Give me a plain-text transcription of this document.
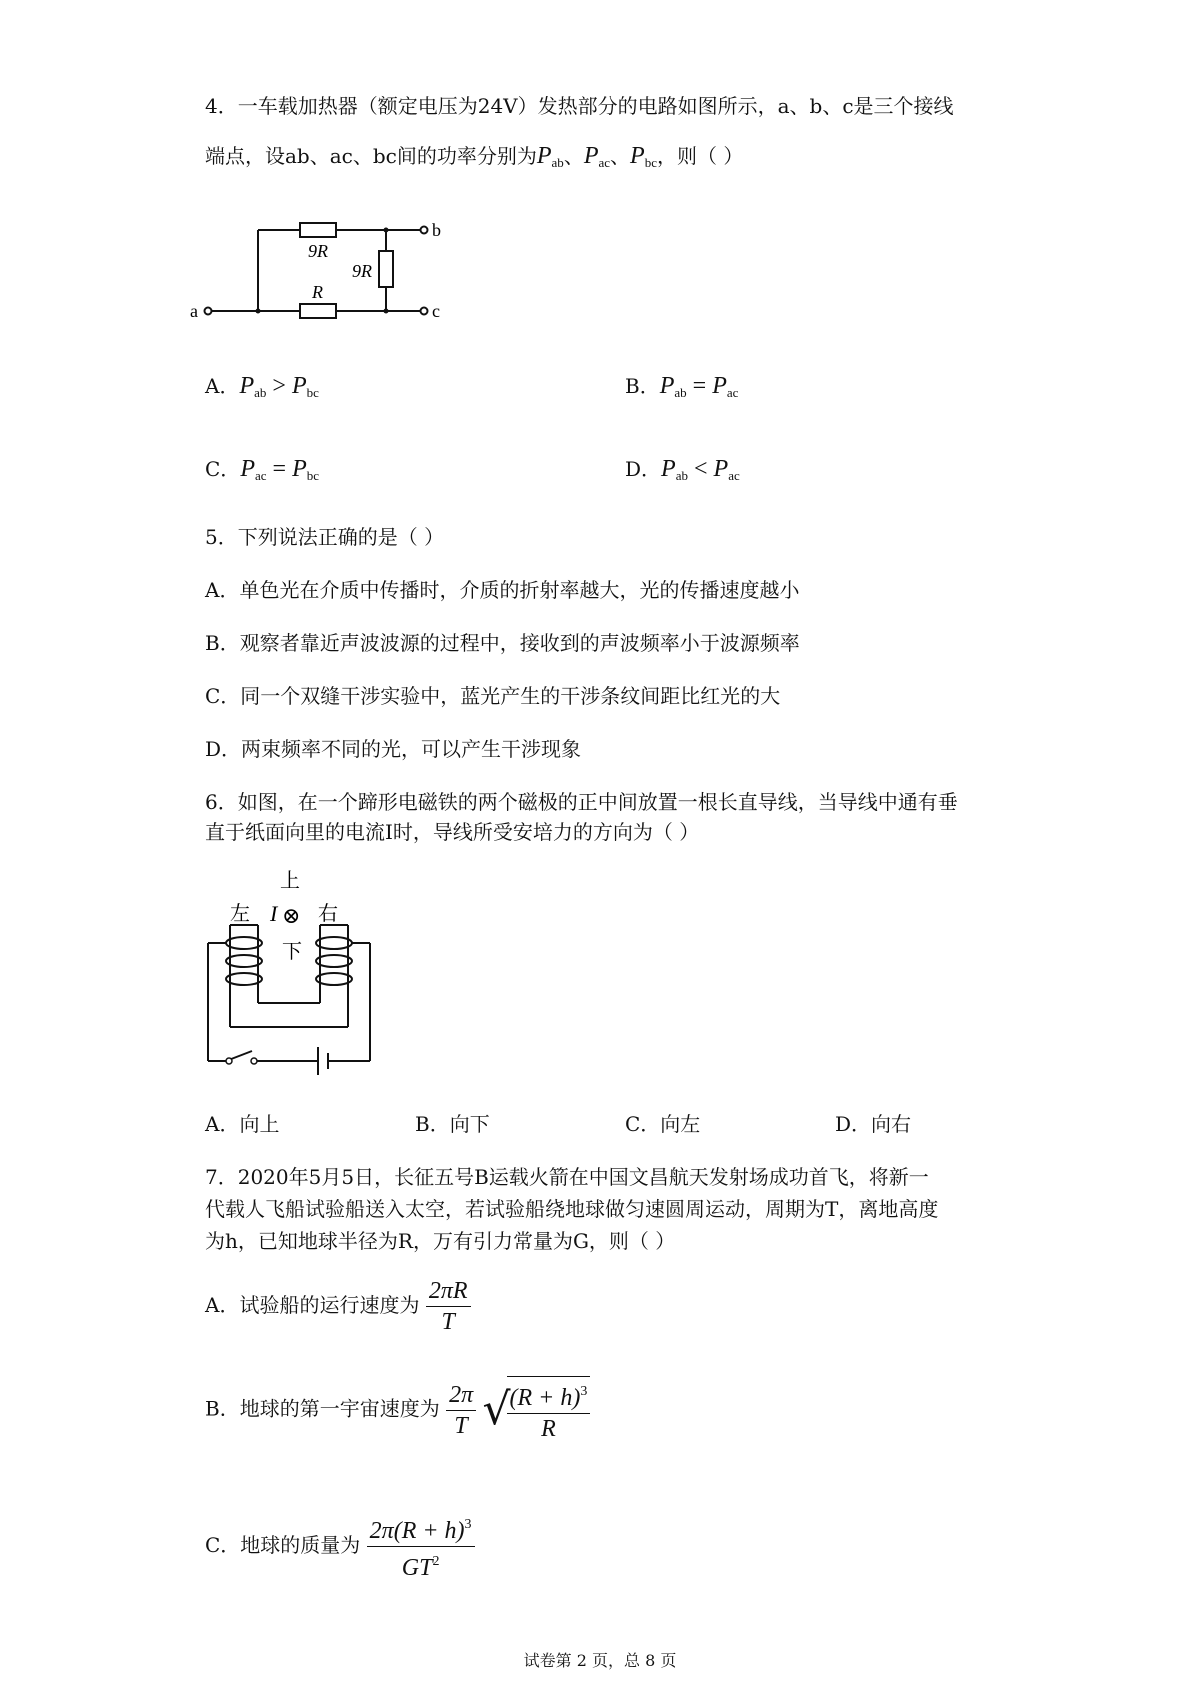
4．一车载加热器（额定电压为24V）发热部分的电路如图所示，a、b、c是三个接线
端点，设ab、ac、bc间的功率分别为$P_{ab}$、$P_{ac}$、$P_{bc}$，则（ ）
9R
9R
R
a
b
c
A．$P_{ab} > P_{bc}$	B．$P_{ab} = P_{ac}$
C．$P_{ac} = P_{bc}$	D．$P_{ab} < P_{ac}$
5．下列说法正确的是（ ）
A．单色光在介质中传播时，介质的折射率越大，光的传播速度越小
B．观察者靠近声波波源的过程中，接收到的声波频率小于波源频率
C．同一个双缝干涉实验中，蓝光产生的干涉条纹间距比红光的大
D．两束频率不同的光，可以产生干涉现象
6．如图，在一个蹄形电磁铁的两个磁极的正中间放置一根长直导线，当导线中通有垂
直于纸面向里的电流I时，导线所受安培力的方向为（ ）
上
左	右
I ⊗
下
A．向上	B．向下	C．向左	D．向右
7．2020年5月5日，长征五号B运载火箭在中国文昌航天发射场成功首飞，将新一
代载人飞船试验船送入太空，若试验船绕地球做匀速圆周运动，周期为T，离地高度
为h，已知地球半径为R，万有引力常量为G，则（ ）
A．试验船的运行速度为 $\frac{2\pi R}{T}$
B．地球的第一宇宙速度为 $\frac{2\pi}{T}$ √
$\frac{(R + h)^3}{R}$
C．地球的质量为 $\frac{2\pi(R + h)^3}{GT^2}$
试卷第 2 页，总 8 页
